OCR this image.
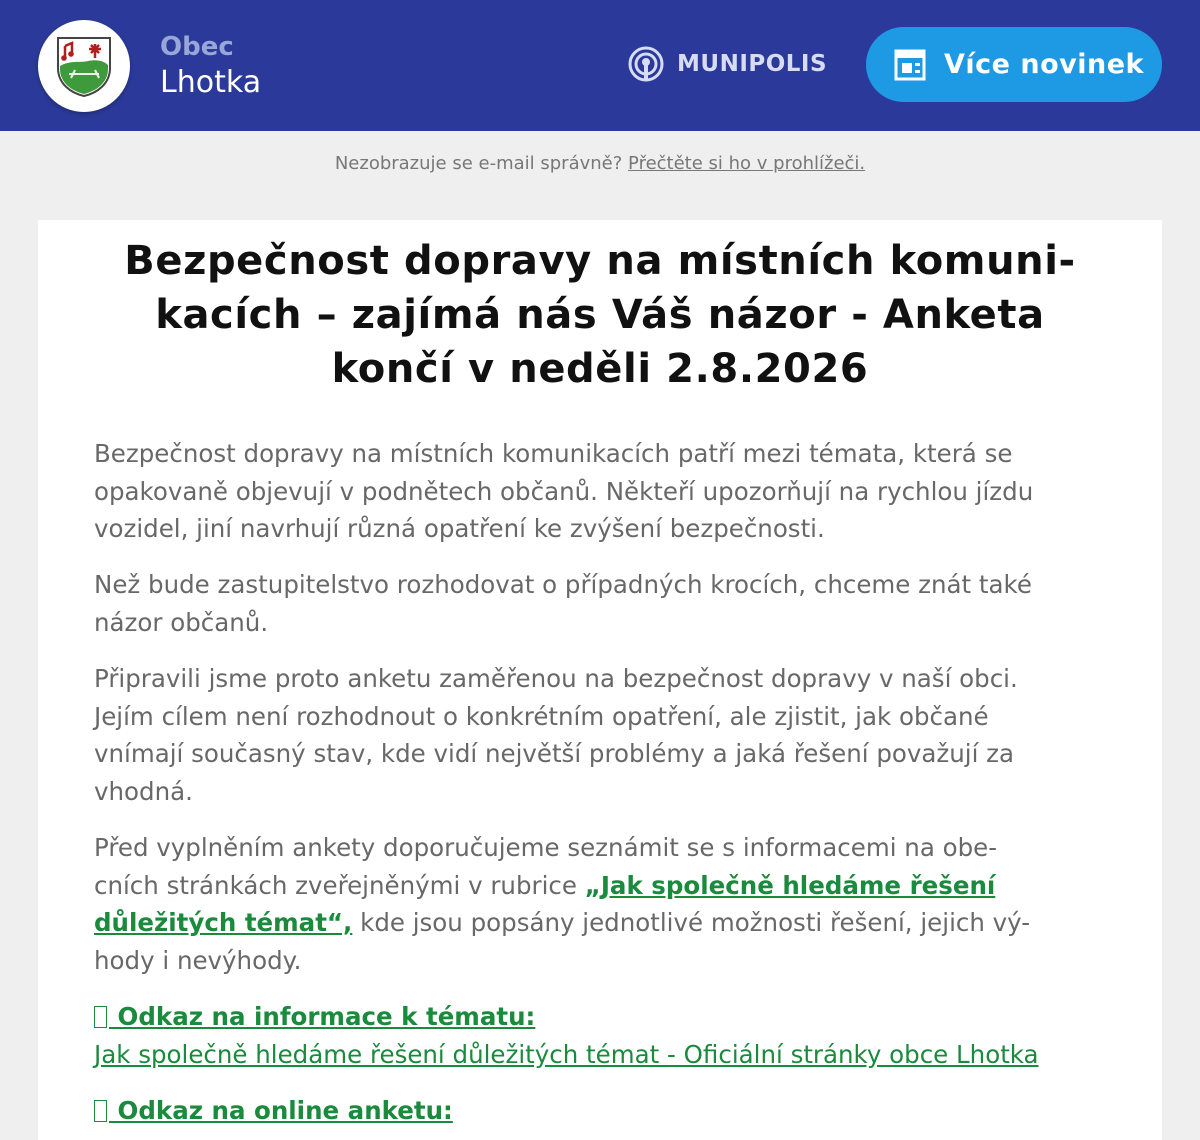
Obec
Lhotka
MUNIPOLIS	Více novinek
Nezobrazuje se e-mail správně? Přečtěte si ho v prohlížeči.
Bezpečnost dopravy na místních komuni-
kacích – zajímá nás Váš názor - Anketa
končí v neděli 2.8.2026
Bezpečnost dopravy na místních komunikacích patří mezi témata, která se
opakovaně objevují v podnětech občanů. Někteří upozorňují na rychlou jízdu
vozidel, jiní navrhují různá opatření ke zvýšení bezpečnosti.
Než bude zastupitelstvo rozhodovat o případných krocích, chceme znát také
názor občanů.
Připravili jsme proto anketu zaměřenou na bezpečnost dopravy v naší obci.
Jejím cílem není rozhodnout o konkrétním opatření, ale zjistit, jak občané
vnímají současný stav, kde vidí největší problémy a jaká řešení považují za
vhodná.
Před vyplněním ankety doporučujeme seznámit se s informacemi na obe-
cních stránkách zveřejněnými v rubrice „Jak společně hledáme řešení
důležitých témat“, kde jsou popsány jednotlivé možnosti řešení, jejich vý-
hody i nevýhody.
Odkaz na informace k tématu:
Jak společně hledáme řešení důležitých témat - Oficiální stránky obce Lhotka
Odkaz na online anketu:
